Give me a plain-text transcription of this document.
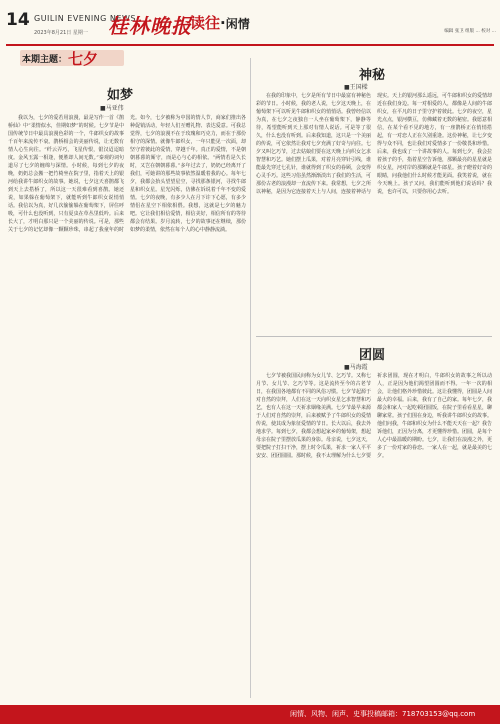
14 GUILIN EVENING NEWS
2023年8月21日 星期一 桂林晚报
读往·闲情
编辑 张卫 组版 ... 校对 ...
本期主题： 七夕
如梦
■马亚伟
我以为，七夕的爱若用浪漫，最是写作一首《鹊桥仙》中“柔情似水，佳期如梦”的时候。七夕节是中国传统节日中最具浪漫色彩的一个，牛郎织女的故事千百年来流传不衰。鹊桥相会的美丽传说，让无数有情人心生向往。“纤云弄巧，飞星传恨，银汉迢迢暗度。金风玉露一相逢，便胜却人间无数。”秦观的词句道尽了七夕的缠绵与深情。小时候，每到七夕的夜晚，奶奶总会搬一把竹椅坐在院子里，指着天上的银河给我讲牛郎织女的故事。她说，七夕这天喜鹊都飞到天上去搭桥了，所以这一天很难看到喜鹊。她还说，如果躲在葡萄架下，就能听到牛郎织女说悄悄话。我信以为真，好几次偷偷躲在葡萄架下，屏住呼吸，可什么也没听到，只有夏虫在草丛里低吟。后来长大了，才明白那只是一个美丽的传说。可是，那些关于七夕的记忆却像一颗颗珍珠，串起了我童年的时光。如今，七夕被称为中国的情人节，商家们推出各种促销活动，年轻人们互赠礼物、表达爱意。可我总觉得，七夕的浪漫不在于玫瑰和巧克力，而在于那份相守的深情。就像牛郎织女，一年只能见一次面，却坚守着彼此的爱情，穿越千年。真正的爱情，不是朝朝暮暮的厮守，而是心与心的相依。“两情若是久长时，又岂在朝朝暮暮。”多年过去了，奶奶已经离开了我们，可她讲的那些故事依然温暖着我的心。每年七夕，我都会抬头望望星空，寻找那条银河，寻找牛郎星和织女星。星光闪烁，仿佛在诉说着千年不变的爱情。七夕的夜晚，有多少人在月下许下心愿，有多少情侣在星空下相依相偎。我想，这就是七夕的魅力吧。它让我们相信爱情，相信美好，相信所有的等待都会有结果。岁月流转，七夕的故事还在继续，那份如梦的柔情，依然在每个人的心中静静流淌。
神秘
■王国樑
在我的印象中，七夕是所有节日中最富有神秘色彩的节日。小时候，我的老人说，七夕这天晚上，在葡萄架下可以听见牛郎和织女的悄悄话。我曾经信以为真，在七夕之夜独自一人坐在葡萄架下，静静等待，希望能听到天上那对有情人说话。可是等了很久，什么也没有听到。后来我知道，这只是一个美丽的传说，可它依然让我对七夕充满了好奇与向往。七夕又叫乞巧节，过去姑娘们要在这天晚上向织女乞求智慧和巧艺。她们摆上瓜果，对着月亮穿针引线，谁能最先穿过七孔针，谁就得到了织女的眷顾，会变得心灵手巧。这些习俗虽然渐渐淡出了我们的生活，可那份古老的浪漫却一直流传下来。我常想，七夕之所以神秘，是因为它连接着天上与人间，连接着神话与现实。天上的银河那么遥远，可牛郎和织女的爱情却近在我们身边。每一对相爱的人，都像是人间的牛郎织女，在平凡的日子里守护着彼此。七夕的夜空，星光点点，银河横亘，仿佛藏着无数的秘密。我愿意相信，在某个看不见的地方，有一座鹊桥正在悄悄搭起，有一对恋人正在久别重逢。这份神秘，让七夕变得与众不同，也让我们对爱情多了一份敬畏和珍惜。后来，我也成了一个讲故事的人。每到七夕，我会拉着孩子的手，指着星空告诉他，那颗最亮的星星就是织女星，河对岸的那颗就是牛郎星。孩子瞪着好奇的眼睛，问我他们什么时候才能见面。我笑着说，就在今天晚上。孩子又问，我们能听到他们说话吗？我说，也许可以，只要你用心去听。
团圆
■马海霞
七夕节被我国民间称为女儿节、乞巧节。又称七月节、女儿节、乞巧节等。这是流传至今的古老节日，在我国各地都有不同的风俗习惯。七夕节起源于对自然的崇拜，人们在这一天向织女星乞求智慧和巧艺，也有人在这一天祈求姻缘美满。七夕节最早来源于人们对自然的崇拜，后来被赋予了牛郎织女的爱情传说，使其成为象征爱情的节日。长大以后，我去外地求学。每到七夕，我都会想起家乡的葡萄架，想起母亲在院子里摆放瓜果的身影。母亲说，七夕这天，要把院子打扫干净，摆上时令瓜果，祈求一家人平平安安、团团圆圆。那时候，我不太理解为什么七夕要祈求团圆，现在才明白，牛郎织女的故事之所以动人，正是因为他们渴望团圆而不得。一年一次的相会，让他们格外珍惜彼此。这让我懂得，团圆是人间最大的幸福。后来，我有了自己的家。每年七夕，我都会和家人一起吃顿团圆饭，在院子里看看星星，聊聊家常。孩子们围在身边，听我讲牛郎织女的故事。他们问我，牛郎和织女为什么不能天天在一起？我告诉他们，正因为分离，才更懂得珍惜。团圆，是每个人心中最温暖的期盼。七夕，让我们在浪漫之外，更多了一份对家的眷恋。一家人在一起，就是最美的七夕。
闲情、风物、闲声、史事投稿邮箱：718703153@qq.com
